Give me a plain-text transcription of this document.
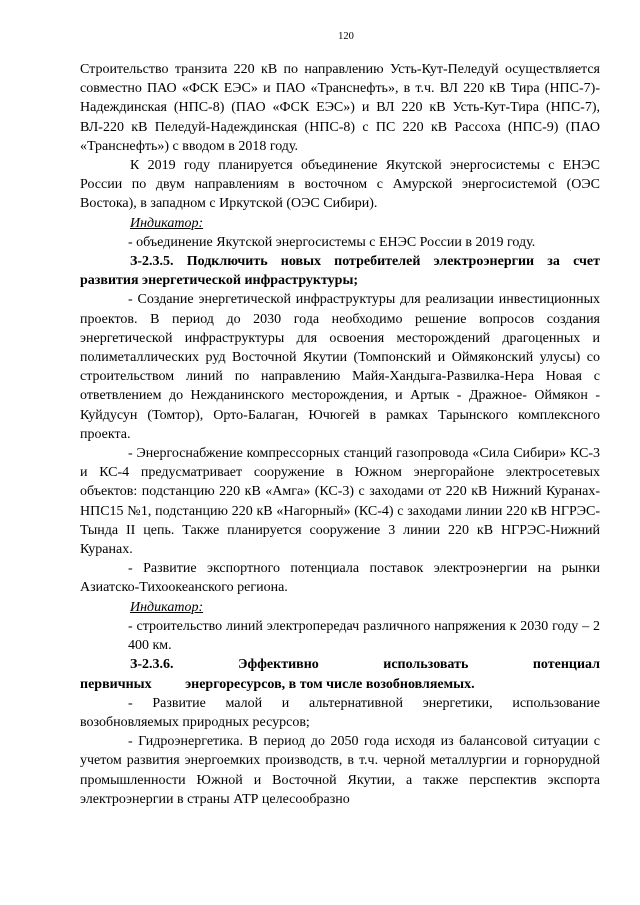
120

Строительство транзита 220 кВ по направлению Усть-Кут-Пеледуй осуществляется совместно ПАО «ФСК ЕЭС» и ПАО «Транснефть», в т.ч. ВЛ 220 кВ Тира (НПС-7)-Надеждинская (НПС-8) (ПАО «ФСК ЕЭС») и ВЛ 220 кВ Усть-Кут-Тира (НПС-7), ВЛ-220 кВ Пеледуй-Надеждинская (НПС-8) с ПС 220 кВ Рассоха (НПС-9) (ПАО «Транснефть») с вводом в 2018 году.

К 2019 году планируется объединение Якутской энергосистемы с ЕНЭС России по двум направлениям в восточном с Амурской энергосистемой (ОЭС Востока), в западном с Иркутской (ОЭС Сибири).

Индикатор:

- объединение Якутской энергосистемы с ЕНЭС России в 2019 году.

З-2.3.5. Подключить новых потребителей электроэнергии за счет развития энергетической инфраструктуры;

- Создание энергетической инфраструктуры для реализации инвестиционных проектов. В период до 2030 года необходимо решение вопросов создания энергетической инфраструктуры для освоения месторождений драгоценных и полиметаллических руд Восточной Якутии (Томпонский и Оймяконский улусы) со строительством линий по направлению Майя-Хандыга-Развилка-Нера Новая с ответвлением до Нежданинского месторождения, и Артык - Дражное- Оймякон - Куйдусун (Томтор), Орто-Балаган, Ючюгей в рамках Тарынского комплексного проекта.

- Энергоснабжение компрессорных станций газопровода «Сила Сибири» КС-3 и КС-4 предусматривает сооружение в Южном энергорайоне электросетевых объектов: подстанцию 220 кВ «Амга» (КС-3) с заходами от 220 кВ Нижний Куранах-НПС15 №1, подстанцию 220 кВ «Нагорный» (КС-4) с заходами линии 220 кВ НГРЭС-Тында II цепь. Также планируется сооружение 3 линии 220 кВ НГРЭС-Нижний Куранах.

- Развитие экспортного потенциала поставок электроэнергии на рынки Азиатско-Тихоокеанского региона.

Индикатор:

- строительство линий электропередач различного напряжения к 2030 году – 2 400 км.

З-2.3.6. Эффективно использовать потенциал первичных энергоресурсов, в том числе возобновляемых.

- Развитие малой и альтернативной энергетики, использование возобновляемых природных ресурсов;

- Гидроэнергетика. В период до 2050 года исходя из балансовой ситуации с учетом развития энергоемких производств, в т.ч. черной металлургии и горнорудной промышленности Южной и Восточной Якутии, а также перспектив экспорта электроэнергии в страны АТР целесообразно
